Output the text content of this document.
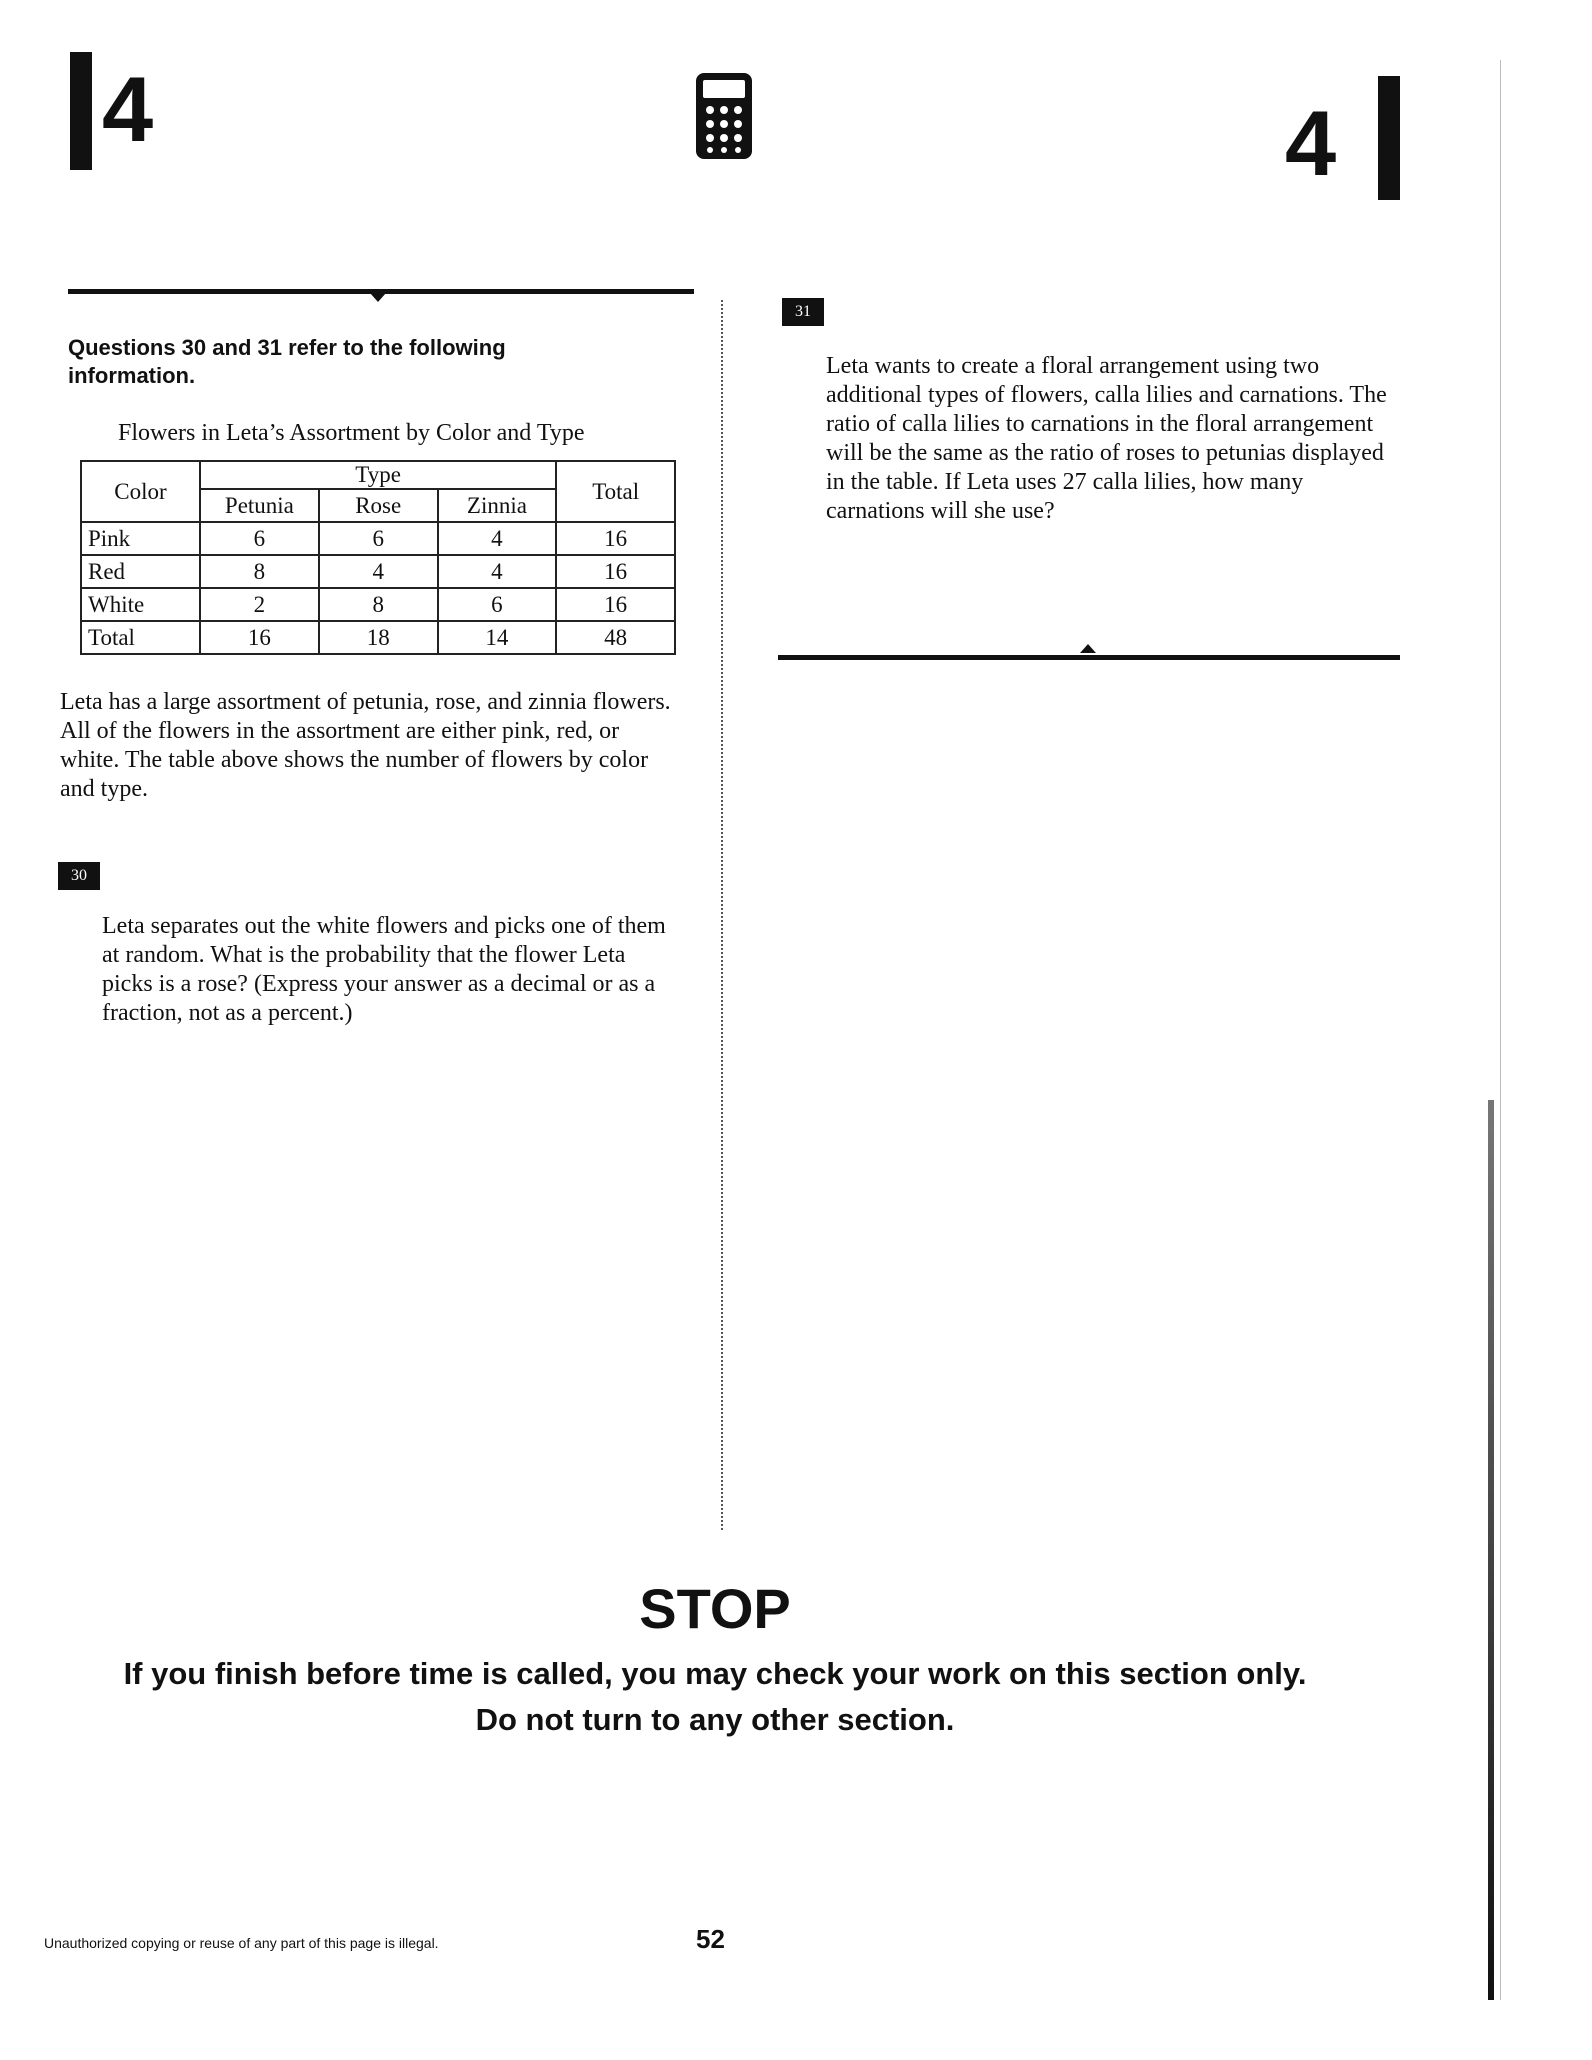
4	4
Questions 30 and 31 refer to the following information.
Flowers in Leta’s Assortment by Color and Type
Color	Type			Total
	Petunia	Rose	Zinnia	
Pink	6	6	4	16
Red	8	4	4	16
White	2	8	6	16
Total	16	18	14	48
Leta has a large assortment of petunia, rose, and zinnia flowers. All of the flowers in the assortment are either pink, red, or white. The table above shows the number of flowers by color and type.
30
Leta separates out the white flowers and picks one of them at random. What is the probability that the flower Leta picks is a rose? (Express your answer as a decimal or as a fraction, not as a percent.)
31
Leta wants to create a floral arrangement using two additional types of flowers, calla lilies and carnations. The ratio of calla lilies to carnations in the floral arrangement will be the same as the ratio of roses to petunias displayed in the table. If Leta uses 27 calla lilies, how many carnations will she use?
STOP
If you finish before time is called, you may check your work on this section only.
Do not turn to any other section.
Unauthorized copying or reuse of any part of this page is illegal.	52
